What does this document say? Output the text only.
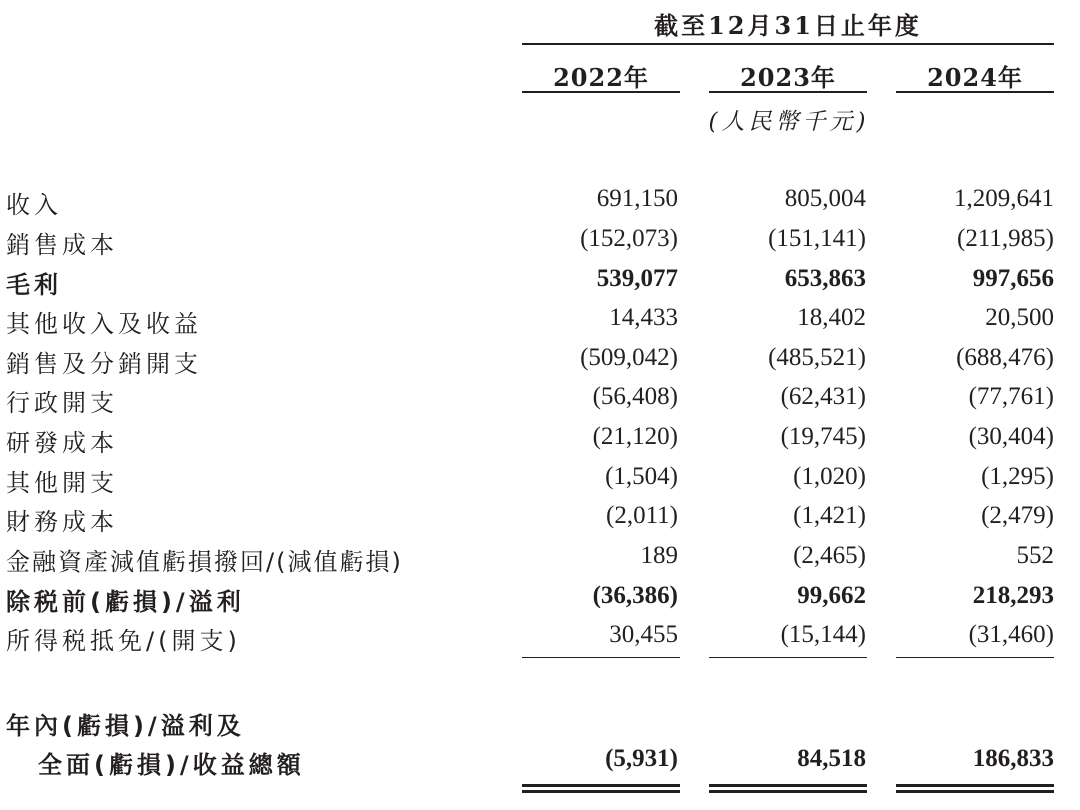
截至12月31日止年度
2022年	2023年	2024年
(人民幣千元)
收入	691,150	805,004	1,209,641
銷售成本	(152,073)	(151,141)	(211,985)
毛利	539,077	653,863	997,656
其他收入及收益	14,433	18,402	20,500
銷售及分銷開支	(509,042)	(485,521)	(688,476)
行政開支	(56,408)	(62,431)	(77,761)
研發成本	(21,120)	(19,745)	(30,404)
其他開支	(1,504)	(1,020)	(1,295)
財務成本	(2,011)	(1,421)	(2,479)
金融資產減值虧損撥回/(減值虧損)	189	(2,465)	552
除税前(虧損)/溢利	(36,386)	99,662	218,293
所得税抵免/(開支)	30,455	(15,144)	(31,460)
年內(虧損)/溢利及
全面(虧損)/收益總額	(5,931)	84,518	186,833
